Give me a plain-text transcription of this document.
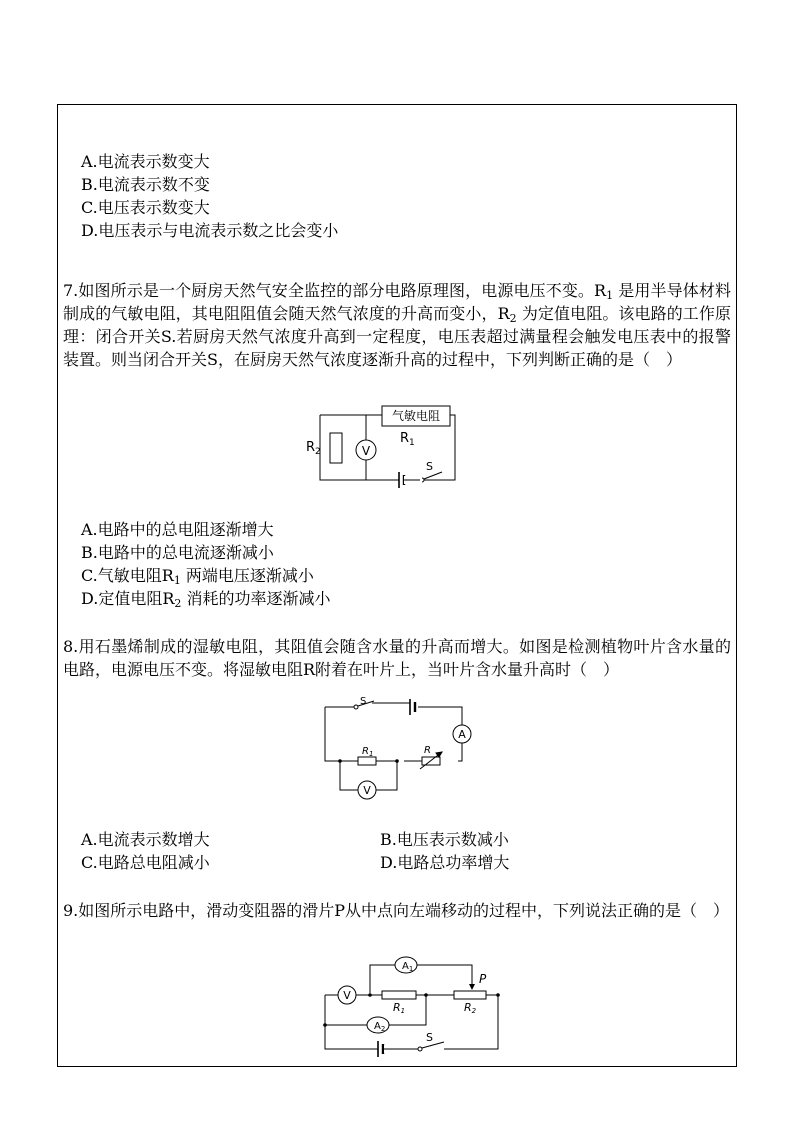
A.电流表示数变大
B.电流表示数不变
C.电压表示数变大
D.电压表示与电流表示数之比会变小
7.如图所示是一个厨房天然气安全监控的部分电路原理图，电源电压不变。$R_1$ 是用半导体材料制成的气敏电阻，其电阻阻值会随天然气浓度的升高而变小，$R_2$ 为定值电阻。该电路的工作原理：闭合开关S.若厨房天然气浓度升高到一定程度，电压表超过满量程会触发电压表中的报警装置。则当闭合开关S，在厨房天然气浓度逐渐升高的过程中，下列判断正确的是（　）
气敏电阻
$R_1$
$R_2$	V
S
A.电路中的总电阻逐渐增大
B.电路中的总电流逐渐减小
C.气敏电阻$R_1$ 两端电压逐渐减小
D.定值电阻$R_2$ 消耗的功率逐渐减小
8.用石墨烯制成的湿敏电阻，其阻值会随含水量的升高而增大。如图是检测植物叶片含水量的电路，电源电压不变。将湿敏电阻R附着在叶片上，当叶片含水量升高时（　）
S
A
$R_1$	R
V
A.电流表示数增大	B.电压表示数减小
C.电路总电阻减小	D.电路总功率增大
9.如图所示电路中，滑动变阻器的滑片P从中点向左端移动的过程中，下列说法正确的是（　）
V
$A_1$
$A_2$
R1	R2
P
S
